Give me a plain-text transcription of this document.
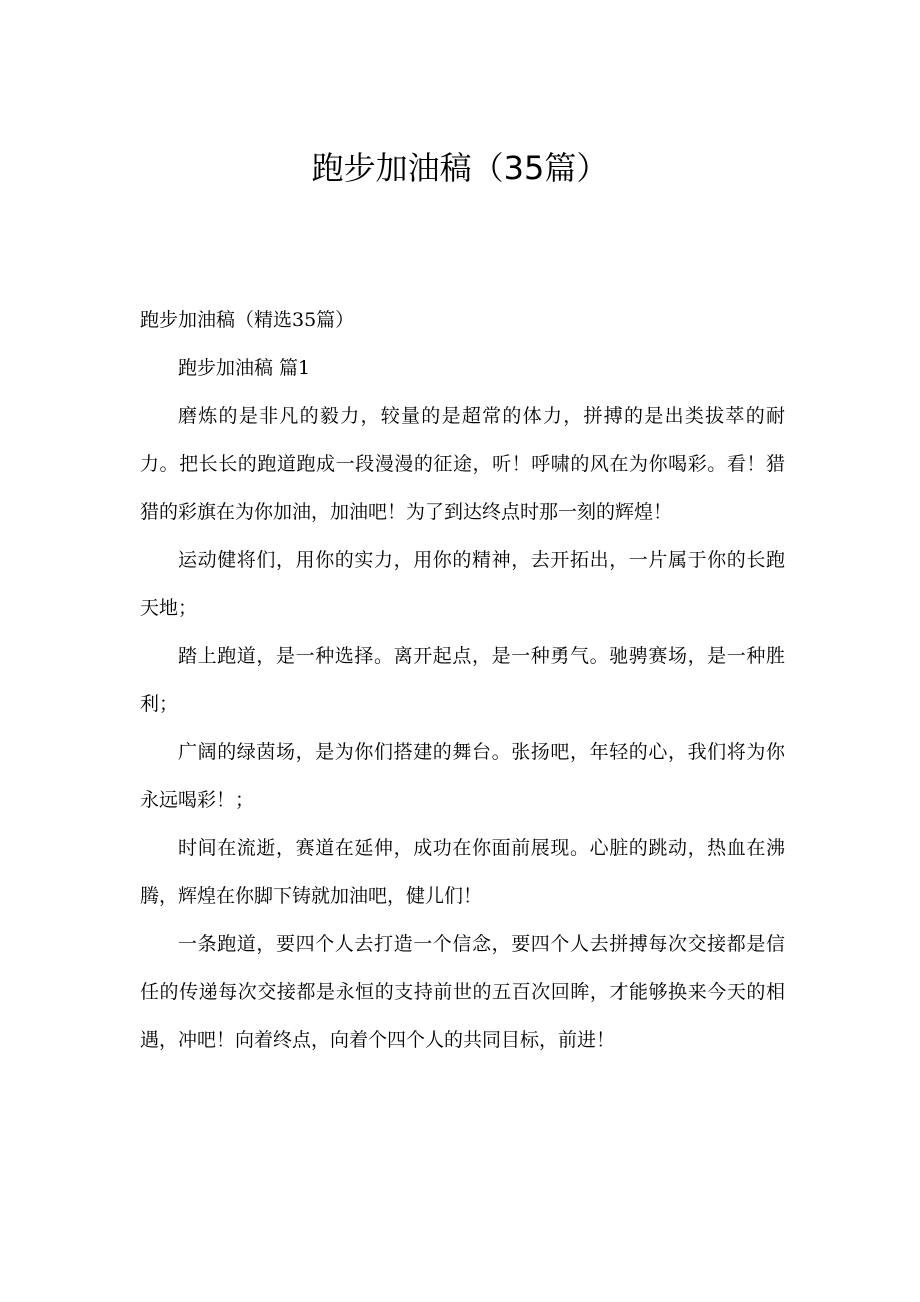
跑步加油稿（35篇）

跑步加油稿（精选35篇）

跑步加油稿 篇1

磨炼的是非凡的毅力，较量的是超常的体力，拼搏的是出类拔萃的耐力。把长长的跑道跑成一段漫漫的征途，听！呼啸的风在为你喝彩。看！猎猎的彩旗在为你加油，加油吧！为了到达终点时那一刻的辉煌！

运动健将们，用你的实力，用你的精神，去开拓出，一片属于你的长跑天地；

踏上跑道，是一种选择。离开起点，是一种勇气。驰骋赛场，是一种胜利；

广阔的绿茵场，是为你们搭建的舞台。张扬吧，年轻的心，我们将为你永远喝彩！；

时间在流逝，赛道在延伸，成功在你面前展现。心脏的跳动，热血在沸腾，辉煌在你脚下铸就加油吧，健儿们！

一条跑道，要四个人去打造一个信念，要四个人去拼搏每次交接都是信任的传递每次交接都是永恒的支持前世的五百次回眸，才能够换来今天的相遇，冲吧！向着终点，向着个四个人的共同目标，前进！
